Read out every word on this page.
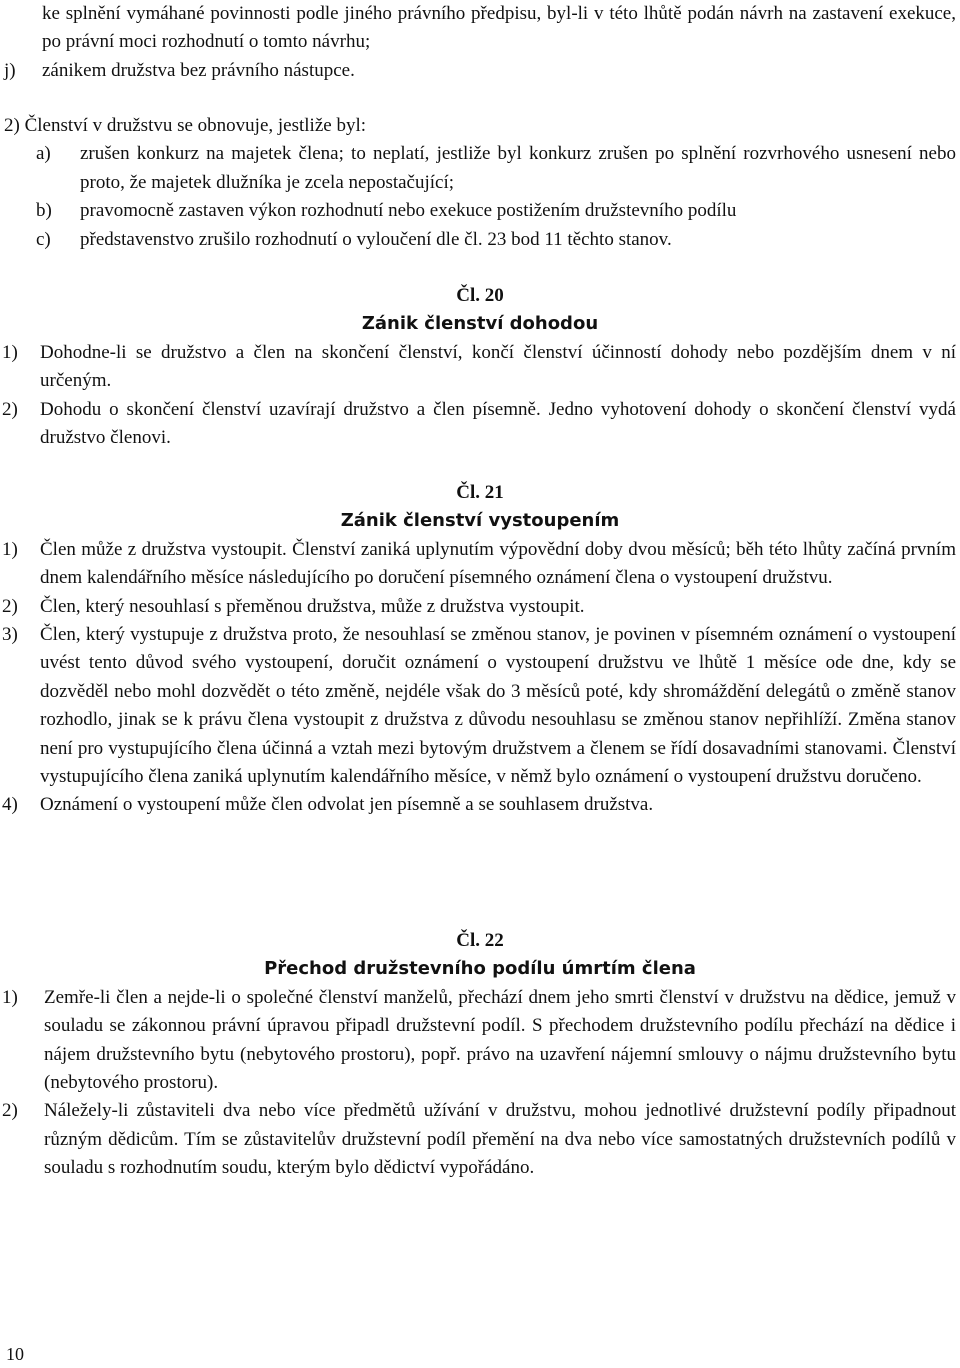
ke splnění vymáhané povinnosti podle jiného právního předpisu, byl-li v této lhůtě podán návrh na zastavení exekuce, po právní moci rozhodnutí o tomto návrhu;
j)	zánikem družstva bez právního nástupce.
2) Členství v družstvu se obnovuje, jestliže byl:
a)	zrušen konkurz na majetek člena; to neplatí, jestliže byl konkurz zrušen po splnění rozvrhového usnesení nebo proto, že majetek dlužníka je zcela nepostačující;
b)	pravomocně zastaven výkon rozhodnutí nebo exekuce postižením družstevního podílu
c)	představenstvo zrušilo rozhodnutí o vyloučení dle čl. 23 bod 11 těchto stanov.
Čl. 20
Zánik členství dohodou
1)	Dohodne-li se družstvo a člen na skončení členství, končí členství účinností dohody nebo pozdějším dnem v ní určeným.
2)	Dohodu o skončení členství uzavírají družstvo a člen písemně. Jedno vyhotovení dohody o skončení členství vydá družstvo členovi.
Čl. 21
Zánik členství vystoupením
1)	Člen může z družstva vystoupit. Členství zaniká uplynutím výpovědní doby dvou měsíců; běh této lhůty začíná prvním dnem kalendářního měsíce následujícího po doručení písemného oznámení člena o vystoupení družstvu.
2)	Člen, který nesouhlasí s přeměnou družstva, může z družstva vystoupit.
3)	Člen, který vystupuje z družstva proto, že nesouhlasí se změnou stanov, je povinen v písemném oznámení o vystoupení uvést tento důvod svého vystoupení, doručit oznámení o vystoupení družstvu ve lhůtě 1 měsíce ode dne, kdy se dozvěděl nebo mohl dozvědět o této změně, nejdéle však do 3 měsíců poté, kdy shromáždění delegátů o změně stanov rozhodlo, jinak se k právu člena vystoupit z družstva z důvodu nesouhlasu se změnou stanov nepřihlíží. Změna stanov není pro vystupujícího člena účinná a vztah mezi bytovým družstvem a členem se řídí dosavadními stanovami. Členství vystupujícího člena zaniká uplynutím kalendářního měsíce, v němž bylo oznámení o vystoupení družstvu doručeno.
4)	Oznámení o vystoupení může člen odvolat jen písemně a se souhlasem družstva.
Čl. 22
Přechod družstevního podílu úmrtím člena
1)	Zemře-li člen a nejde-li o společné členství manželů, přechází dnem jeho smrti členství v družstvu na dědice, jemuž v souladu se zákonnou právní úpravou připadl družstevní podíl. S přechodem družstevního podílu přechází na dědice i nájem družstevního bytu (nebytového prostoru), popř. právo na uzavření nájemní smlouvy o nájmu družstevního bytu (nebytového prostoru).
2)	Náležely-li zůstaviteli dva nebo více předmětů užívání v družstvu, mohou jednotlivé družstevní podíly připadnout různým dědicům. Tím se zůstavitelův družstevní podíl přemění na dva nebo více samostatných družstevních podílů v souladu s rozhodnutím soudu, kterým bylo dědictví vypořádáno.
10
